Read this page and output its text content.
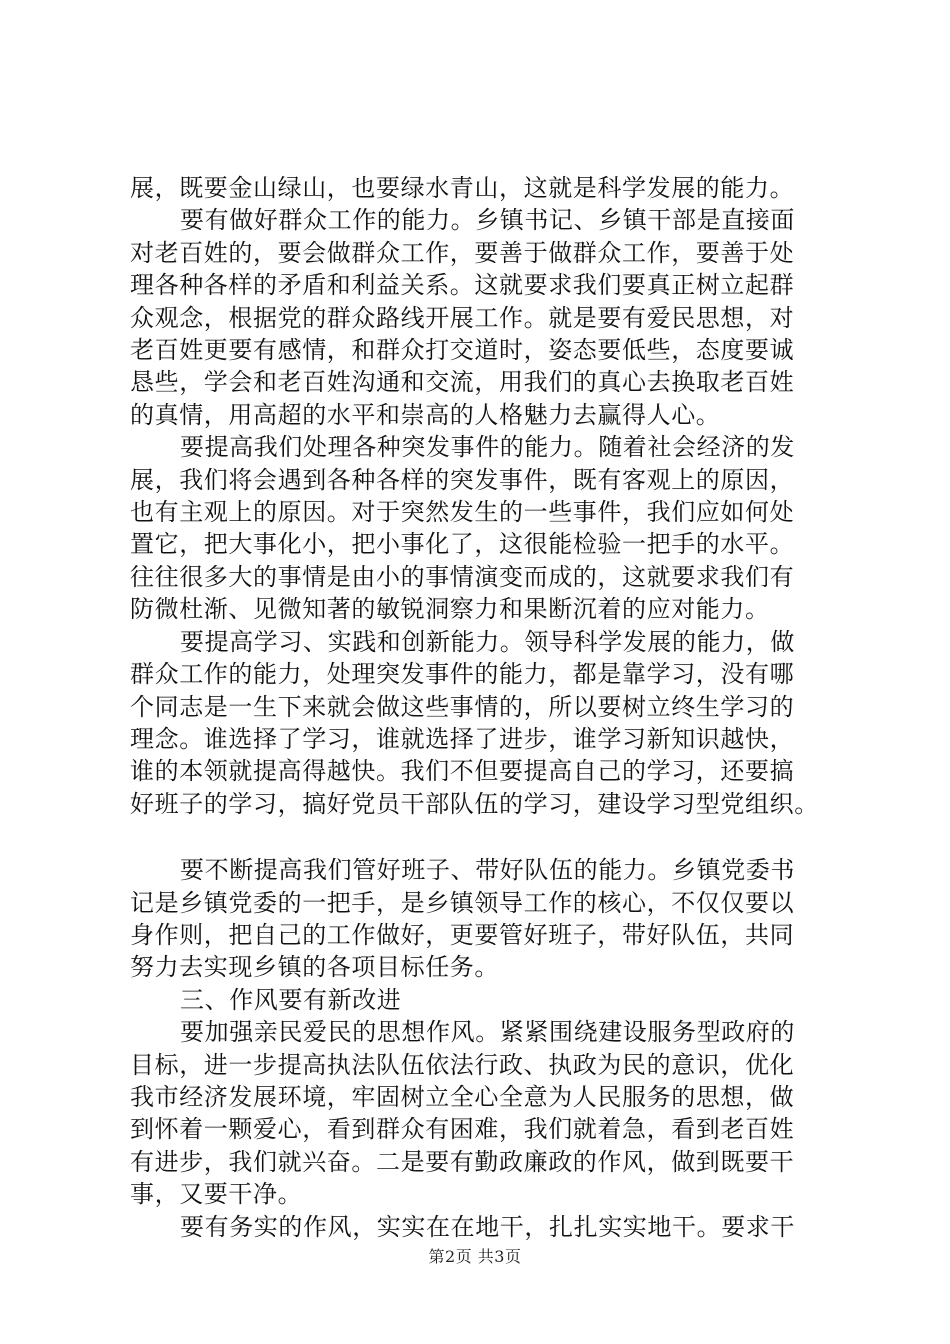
展，既要金山绿山，也要绿水青山，这就是科学发展的能力。

要有做好群众工作的能力。乡镇书记、乡镇干部是直接面

对老百姓的，要会做群众工作，要善于做群众工作，要善于处

理各种各样的矛盾和利益关系。这就要求我们要真正树立起群

众观念，根据党的群众路线开展工作。就是要有爱民思想，对

老百姓更要有感情，和群众打交道时，姿态要低些，态度要诚

恳些，学会和老百姓沟通和交流，用我们的真心去换取老百姓

的真情，用高超的水平和崇高的人格魅力去赢得人心。

要提高我们处理各种突发事件的能力。随着社会经济的发

展，我们将会遇到各种各样的突发事件，既有客观上的原因，

也有主观上的原因。对于突然发生的一些事件，我们应如何处

置它，把大事化小，把小事化了，这很能检验一把手的水平。

往往很多大的事情是由小的事情演变而成的，这就要求我们有

防微杜渐、见微知著的敏锐洞察力和果断沉着的应对能力。

要提高学习、实践和创新能力。领导科学发展的能力，做

群众工作的能力，处理突发事件的能力，都是靠学习，没有哪

个同志是一生下来就会做这些事情的，所以要树立终生学习的

理念。谁选择了学习，谁就选择了进步，谁学习新知识越快，

谁的本领就提高得越快。我们不但要提高自己的学习，还要搞

好班子的学习，搞好党员干部队伍的学习，建设学习型党组织。

要不断提高我们管好班子、带好队伍的能力。乡镇党委书

记是乡镇党委的一把手，是乡镇领导工作的核心，不仅仅要以

身作则，把自己的工作做好，更要管好班子，带好队伍，共同

努力去实现乡镇的各项目标任务。

三、作风要有新改进

要加强亲民爱民的思想作风。紧紧围绕建设服务型政府的

目标，进一步提高执法队伍依法行政、执政为民的意识，优化

我市经济发展环境，牢固树立全心全意为人民服务的思想，做

到怀着一颗爱心，看到群众有困难，我们就着急，看到老百姓

有进步，我们就兴奋。二是要有勤政廉政的作风，做到既要干

事，又要干净。

要有务实的作风，实实在在地干，扎扎实实地干。要求干

第2页 共3页
